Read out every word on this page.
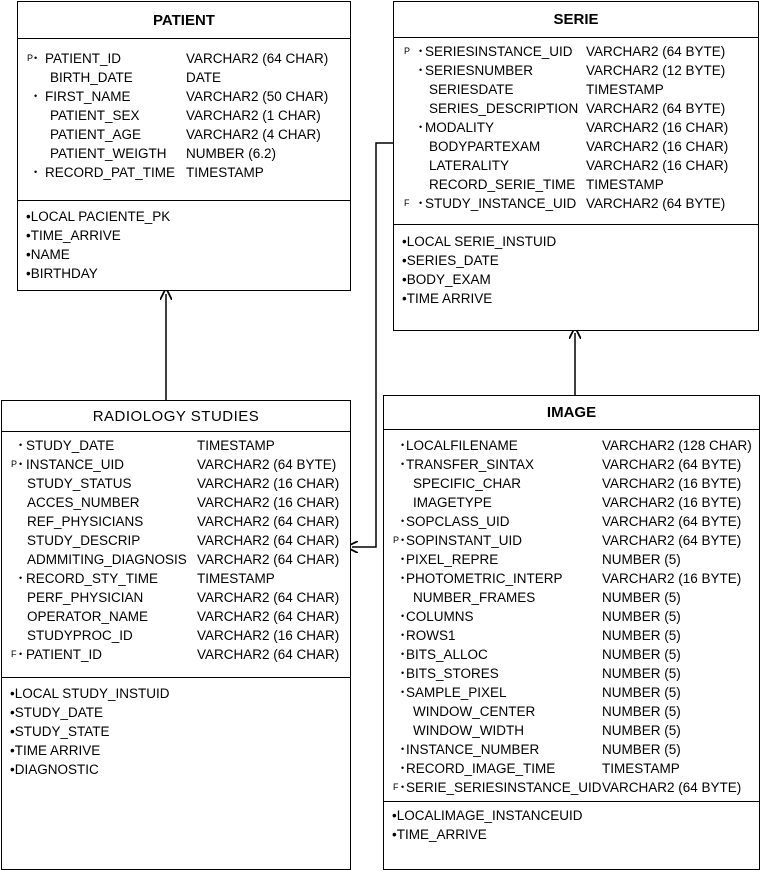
PATIENT
P • PATIENT_ID	VARCHAR2 (64 CHAR)
BIRTH_DATE	DATE
• FIRST_NAME	VARCHAR2 (50 CHAR)
PATIENT_SEX	VARCHAR2 (1 CHAR)
PATIENT_AGE	VARCHAR2 (4 CHAR)
PATIENT_WEIGTH NUMBER (6.2)
• RECORD_PAT_TIME TIMESTAMP
•LOCAL PACIENTE_PK
•TIME_ARRIVE
•NAME
•BIRTHDAY
SERIE
P • SERIESINSTANCE_UID VARCHAR2 (64 BYTE)
• SERIESNUMBER	VARCHAR2 (12 BYTE)
SERIESDATE	TIMESTAMP
SERIES_DESCRIPTION VARCHAR2 (64 BYTE)
• MODALITY	VARCHAR2 (16 CHAR)
BODYPARTEXAM	VARCHAR2 (16 CHAR)
LATERALITY	VARCHAR2 (16 CHAR)
RECORD_SERIE_TIME TIMESTAMP
F • STUDY_INSTANCE_UID VARCHAR2 (64 BYTE)
•LOCAL SERIE_INSTUID
•SERIES_DATE
•BODY_EXAM
•TIME ARRIVE
RADIOLOGY STUDIES
• STUDY_DATE	TIMESTAMP
P • INSTANCE_UID	VARCHAR2 (64 BYTE)
STUDY_STATUS	VARCHAR2 (16 CHAR)
ACCES_NUMBER	VARCHAR2 (16 CHAR)
REF_PHYSICIANS	VARCHAR2 (64 CHAR)
STUDY_DESCRIP	VARCHAR2 (64 CHAR)
ADMMITING_DIAGNOSIS VARCHAR2 (64 CHAR)
• RECORD_STY_TIME	TIMESTAMP
PERF_PHYSICIAN	VARCHAR2 (64 CHAR)
OPERATOR_NAME	VARCHAR2 (64 CHAR)
STUDYPROC_ID	VARCHAR2 (16 CHAR)
F • PATIENT_ID	VARCHAR2 (64 CHAR)
•LOCAL STUDY_INSTUID
•STUDY_DATE
•STUDY_STATE
•TIME ARRIVE
•DIAGNOSTIC
IMAGE
• LOCALFILENAME	VARCHAR2 (128 CHAR)
• TRANSFER_SINTAX	VARCHAR2 (64 BYTE)
SPECIFIC_CHAR	VARCHAR2 (16 BYTE)
IMAGETYPE	VARCHAR2 (16 BYTE)
• SOPCLASS_UID	VARCHAR2 (64 BYTE)
P • SOPINSTANT_UID	VARCHAR2 (64 BYTE)
• PIXEL_REPRE	NUMBER (5)
• PHOTOMETRIC_INTERP	VARCHAR2 (16 BYTE)
NUMBER_FRAMES	NUMBER (5)
• COLUMNS	NUMBER (5)
• ROWS1	NUMBER (5)
• BITS_ALLOC	NUMBER (5)
• BITS_STORES	NUMBER (5)
• SAMPLE_PIXEL	NUMBER (5)
WINDOW_CENTER	NUMBER (5)
WINDOW_WIDTH	NUMBER (5)
• INSTANCE_NUMBER	NUMBER (5)
• RECORD_IMAGE_TIME	TIMESTAMP
F • SERIE_SERIESINSTANCE_UID VARCHAR2 (64 BYTE)
•LOCALIMAGE_INSTANCEUID
•TIME_ARRIVE
